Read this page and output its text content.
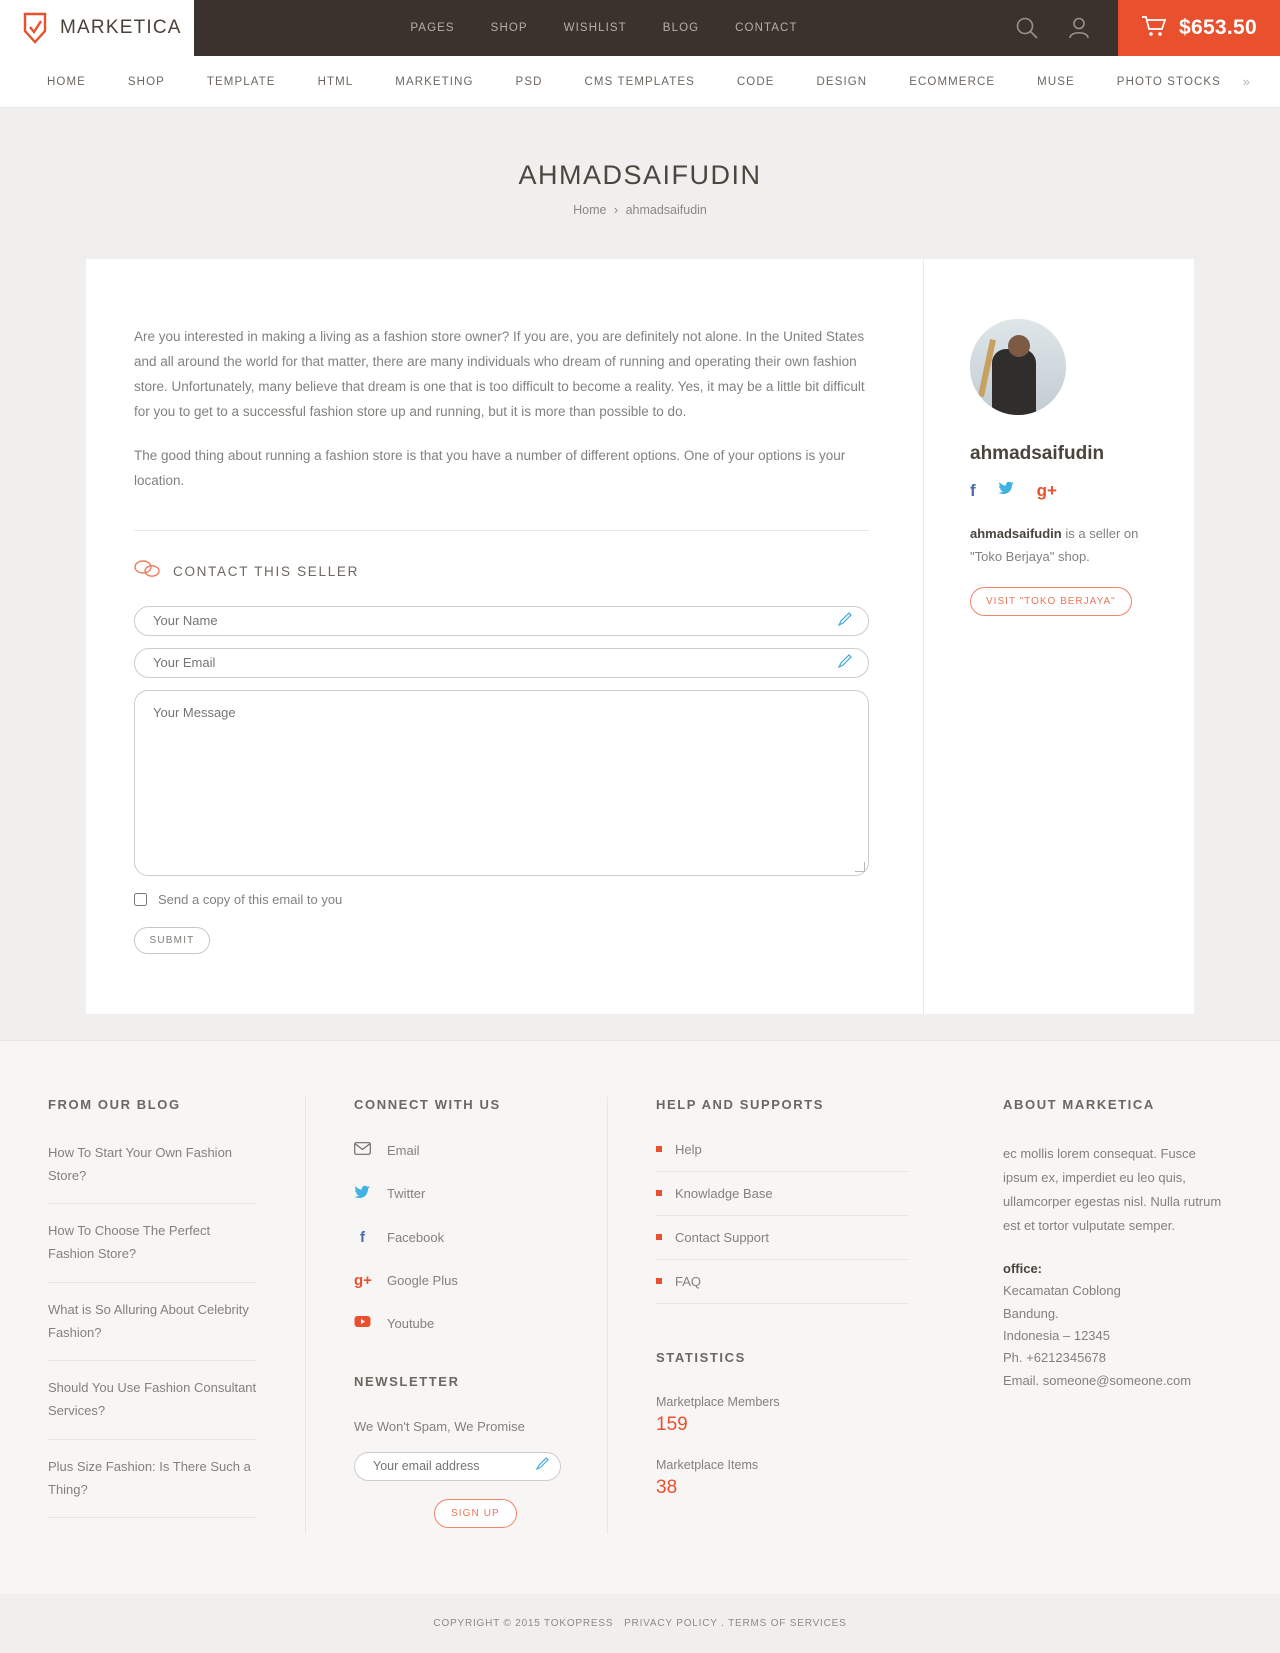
MARKETICA	PAGES	SHOP	WISHLIST	BLOG	CONTACT	$653.50
HOME	SHOP	TEMPLATE	HTML	MARKETING	PSD	CMS TEMPLATES	CODE	DESIGN	ECOMMERCE	MUSE	PHOTO STOCKS	»
AHMADSAIFUDIN
Home › ahmadsaifudin

Are you interested in making a living as a fashion store owner? If you are, you are definitely not alone. In the United States and all around the world for that matter, there are many individuals who dream of running and operating their own fashion store. Unfortunately, many believe that dream is one that is too difficult to become a reality. Yes, it may be a little bit difficult for you to get to a successful fashion store up and running, but it is more than possible to do.

The good thing about running a fashion store is that you have a number of different options. One of your options is your location.

CONTACT THIS SELLER
Your Name
Your Email
Your Message
Send a copy of this email to you
SUBMIT
ahmadsaifudin
f	g+
ahmadsaifudin is a seller on "Toko Berjaya" shop.
VISIT "TOKO BERJAYA"
FROM OUR BLOG
How To Start Your Own Fashion Store?
How To Choose The Perfect Fashion Store?
What is So Alluring About Celebrity Fashion?
Should You Use Fashion Consultant Services?
Plus Size Fashion: Is There Such a Thing?
CONNECT WITH US
Email
Twitter
f	Facebook
g+ Google Plus
Youtube
NEWSLETTER

We Won't Spam, We Promise

Your email address
SIGN UP
HELP AND SUPPORTS
Help
Knowladge Base
Contact Support
FAQ
STATISTICS
Marketplace Members
159
Marketplace Items
38
ABOUT MARKETICA

ec mollis lorem consequat. Fusce ipsum ex, imperdiet eu leo quis, ullamcorper egestas nisl. Nulla rutrum est et tortor vulputate semper.

office:
Kecamatan Coblong
Bandung.
Indonesia – 12345
Ph. +6212345678
Email. someone@someone.com
COPYRIGHT © 2015 TOKOPRESS PRIVACY POLICY . TERMS OF SERVICES
